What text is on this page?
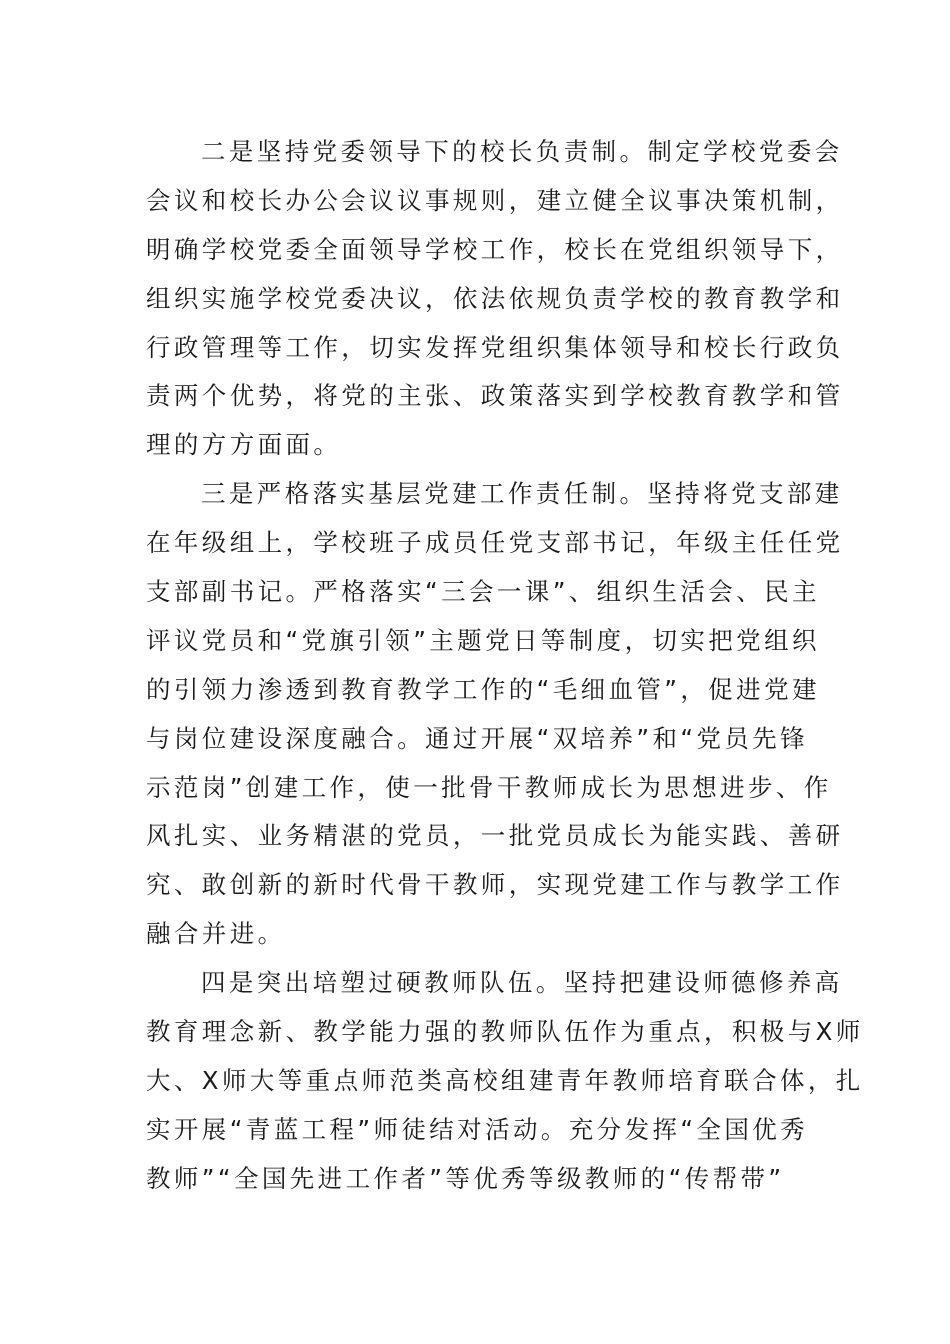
二是坚持党委领导下的校长负责制。制定学校党委会
会议和校长办公会议议事规则，建立健全议事决策机制，
明确学校党委全面领导学校工作，校长在党组织领导下，
组织实施学校党委决议，依法依规负责学校的教育教学和
行政管理等工作，切实发挥党组织集体领导和校长行政负
责两个优势，将党的主张、政策落实到学校教育教学和管
理的方方面面。
三是严格落实基层党建工作责任制。坚持将党支部建
在年级组上，学校班子成员任党支部书记，年级主任任党
支部副书记。严格落实“三会一课”、组织生活会、民主
评议党员和“党旗引领”主题党日等制度，切实把党组织
的引领力渗透到教育教学工作的“毛细血管”，促进党建
与岗位建设深度融合。通过开展“双培养”和“党员先锋
示范岗”创建工作，使一批骨干教师成长为思想进步、作
风扎实、业务精湛的党员，一批党员成长为能实践、善研
究、敢创新的新时代骨干教师，实现党建工作与教学工作
融合并进。
四是突出培塑过硬教师队伍。坚持把建设师德修养高
教育理念新、教学能力强的教师队伍作为重点，积极与X师
大、X师大等重点师范类高校组建青年教师培育联合体，扎
实开展“青蓝工程”师徒结对活动。充分发挥“全国优秀
教师”“全国先进工作者”等优秀等级教师的“传帮带”
